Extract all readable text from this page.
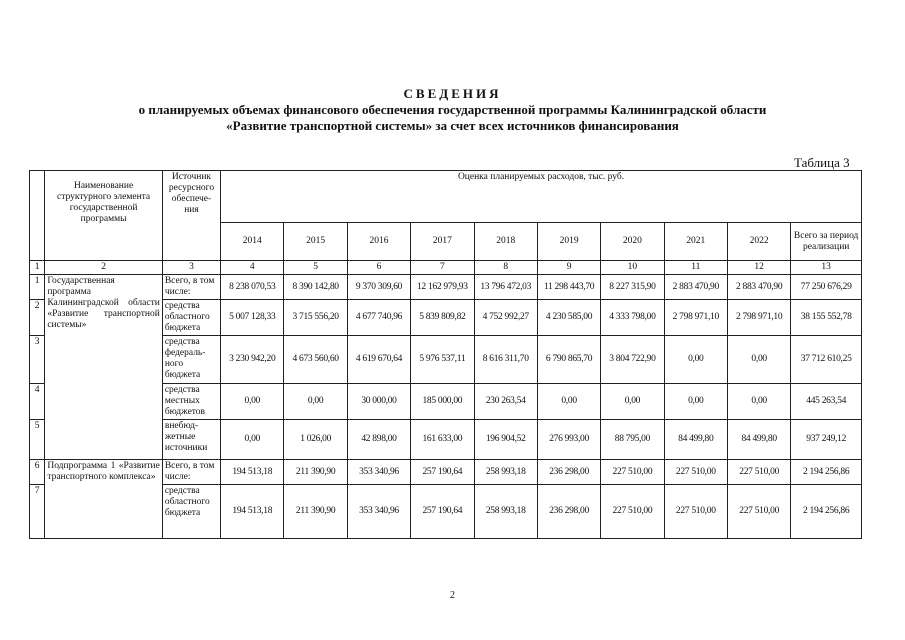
СВЕДЕНИЯ
о планируемых объемах финансового обеспечения государственной программы Калининградской области
«Развитие транспортной системы» за счет всех источников финансирования
Таблица 3
	Наименование структурного элемента государственной программы	Источник ресурсного обеспече-ния	Оценка планируемых расходов, тыс. руб.									
			2014	2015	2016	2017	2018	2019	2020	2021	2022	Всего за период реализации
1	2	3	4	5	6	7	8	9	10	11	12	13
1	Государственная программа Калининградской области «Развитие транспортной системы»	Всего, в том числе:	8 238 070,53	8 390 142,80	9 370 309,60	12 162 979,93	13 796 472,03	11 298 443,70	8 227 315,90	2 883 470,90	2 883 470,90	77 250 676,29
2		средства областного бюджета	5 007 128,33	3 715 556,20	4 677 740,96	5 839 809,82	4 752 992,27	4 230 585,00	4 333 798,00	2 798 971,10	2 798 971,10	38 155 552,78
3		средства федераль-ного бюджета	3 230 942,20	4 673 560,60	4 619 670,64	5 976 537,11	8 616 311,70	6 790 865,70	3 804 722,90	0,00	0,00	37 712 610,25
4		средства местных бюджетов	0,00	0,00	30 000,00	185 000,00	230 263,54	0,00	0,00	0,00	0,00	445 263,54
5		внебюд-жетные источники	0,00	1 026,00	42 898,00	161 633,00	196 904,52	276 993,00	88 795,00	84 499,80	84 499,80	937 249,12
6	Подпрограмма 1 «Развитие транспортного комплекса»	Всего, в том числе:	194 513,18	211 390,90	353 340,96	257 190,64	258 993,18	236 298,00	227 510,00	227 510,00	227 510,00	2 194 256,86
7		средства областного бюджета	194 513,18	211 390,90	353 340,96	257 190,64	258 993,18	236 298,00	227 510,00	227 510,00	227 510,00	2 194 256,86
2
